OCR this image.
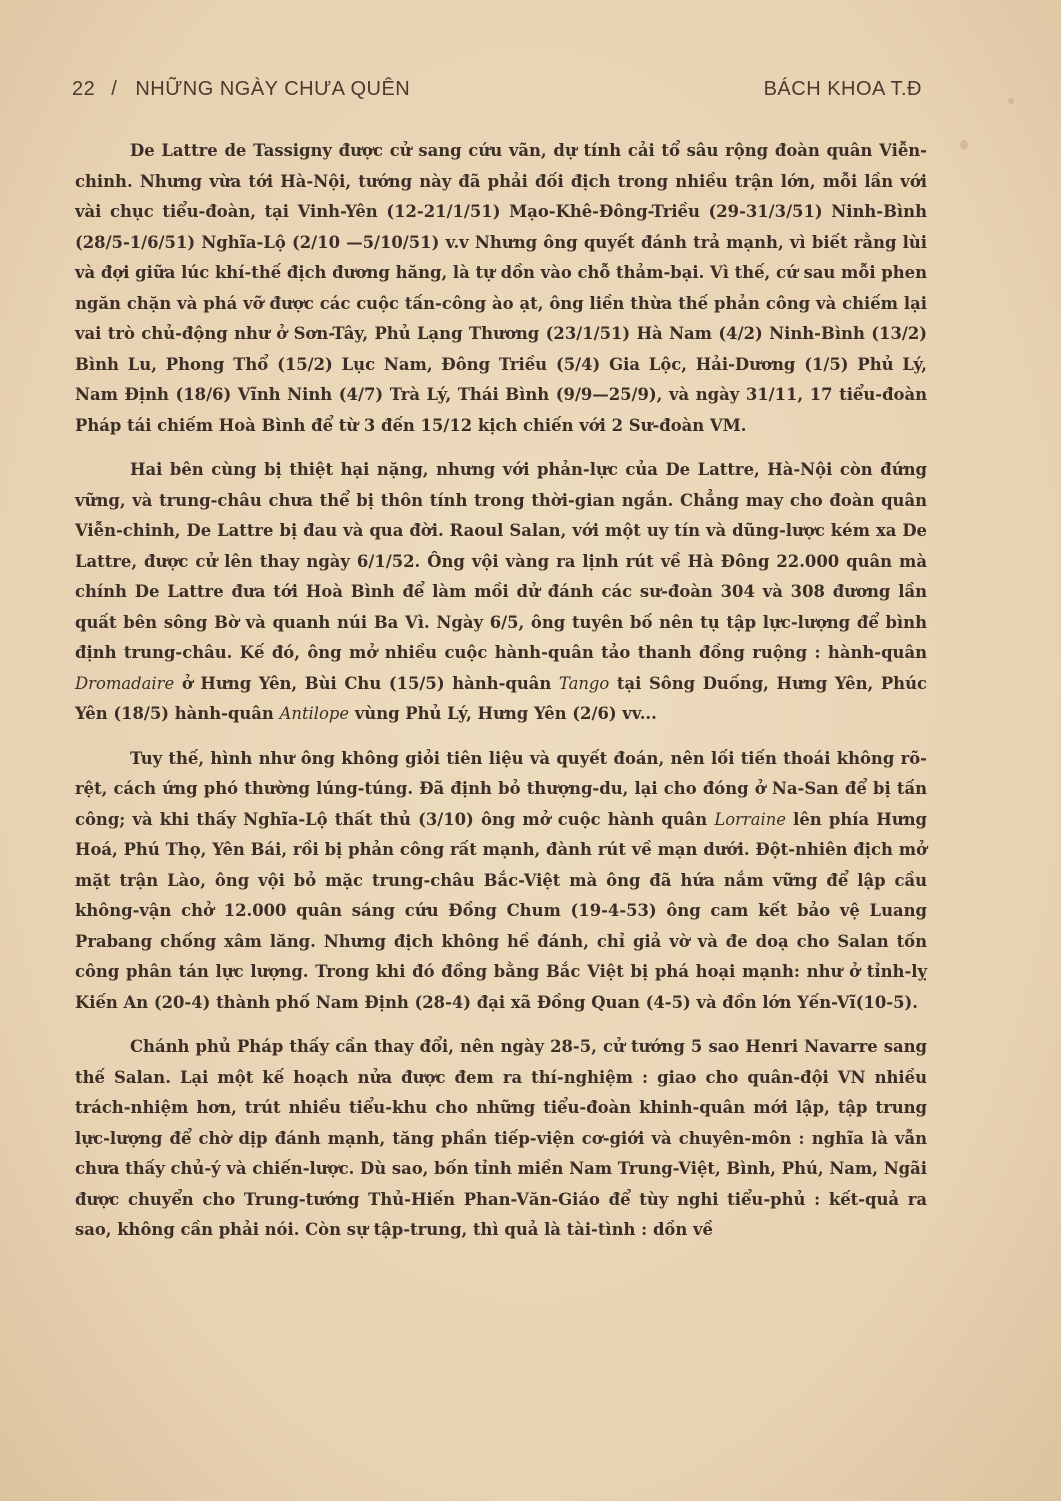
22 / NHỮNG NGÀY CHƯA QUÊN	BÁCH KHOA T.Đ

De Lattre de Tassigny được cử sang cứu vãn, dự tính cải tổ sâu rộng đoàn quân Viễn-chinh. Nhưng vừa tới Hà-Nội, tướng này đã phải đối địch trong nhiều trận lớn, mỗi lần với vài chục tiểu-đoàn, tại Vinh-Yên (12-21/1/51) Mạo-Khê-Đông-Triều (29-31/3/51) Ninh-Bình (28/5-1/6/51) Nghĩa-Lộ (2/10 —5/10/51) v.v Nhưng ông quyết đánh trả mạnh, vì biết rằng lùi và đợi giữa lúc khí-thế địch đương hăng, là tự dồn vào chỗ thảm-bại. Vì thế, cứ sau mỗi phen ngăn chặn và phá vỡ được các cuộc tấn-công ào ạt, ông liền thừa thế phản công và chiếm lại vai trò chủ-động như ở Sơn-Tây, Phủ Lạng Thương (23/1/51) Hà Nam (4/2) Ninh-Bình (13/2) Bình Lu, Phong Thổ (15/2) Lục Nam, Đông Triều (5/4) Gia Lộc, Hải-Dương (1/5) Phủ Lý, Nam Định (18/6) Vĩnh Ninh (4/7) Trà Lý, Thái Bình (9/9—25/9), và ngày 31/11, 17 tiểu-đoàn Pháp tái chiếm Hoà Bình để từ 3 đến 15/12 kịch chiến với 2 Sư-đoàn VM.

Hai bên cùng bị thiệt hại nặng, nhưng với phản-lực của De Lattre, Hà-Nội còn đứng vững, và trung-châu chưa thể bị thôn tính trong thời-gian ngắn. Chẳng may cho đoàn quân Viễn-chinh, De Lattre bị đau và qua đời. Raoul Salan, với một uy tín và dũng-lược kém xa De Lattre, được cử lên thay ngày 6/1/52. Ông vội vàng ra lịnh rút về Hà Đông 22.000 quân mà chính De Lattre đưa tới Hoà Bình để làm mồi dử đánh các sư-đoàn 304 và 308 đương lần quất bên sông Bờ và quanh núi Ba Vì. Ngày 6/5, ông tuyên bố nên tụ tập lực-lượng để bình định trung-châu. Kế đó, ông mở nhiều cuộc hành-quân tảo thanh đồng ruộng : hành-quân Dromadaire ở Hưng Yên, Bùi Chu (15/5) hành-quân Tango tại Sông Duống, Hưng Yên, Phúc Yên (18/5) hành-quân Antilope vùng Phủ Lý, Hưng Yên (2/6) vv...

Tuy thế, hình như ông không giỏi tiên liệu và quyết đoán, nên lối tiến thoái không rõ-rệt, cách ứng phó thường lúng-túng. Đã định bỏ thượng-du, lại cho đóng ở Na-San để bị tấn công; và khi thấy Nghĩa-Lộ thất thủ (3/10) ông mở cuộc hành quân Lorraine lên phía Hưng Hoá, Phú Thọ, Yên Bái, rồi bị phản công rất mạnh, đành rút về mạn dưới. Đột-nhiên địch mở mặt trận Lào, ông vội bỏ mặc trung-châu Bắc-Việt mà ông đã hứa nắm vững để lập cầu không-vận chở 12.000 quân sáng cứu Đồng Chum (19-4-53) ông cam kết bảo vệ Luang Prabang chống xâm lăng. Nhưng địch không hề đánh, chỉ giả vờ và đe doạ cho Salan tốn công phân tán lực lượng. Trong khi đó đồng bằng Bắc Việt bị phá hoại mạnh: như ở tỉnh-lỵ Kiến An (20-4) thành phố Nam Định (28-4) đại xã Đồng Quan (4-5) và đồn lớn Yến-Vĩ(10-5).

Chánh phủ Pháp thấy cần thay đổi, nên ngày 28-5, cử tướng 5 sao Henri Navarre sang thế Salan. Lại một kế hoạch nửa được đem ra thí-nghiệm : giao cho quân-đội VN nhiều trách-nhiệm hơn, trút nhiều tiểu-khu cho những tiểu-đoàn khinh-quân mới lập, tập trung lực-lượng để chờ dịp đánh mạnh, tăng phần tiếp-viện cơ-giới và chuyên-môn : nghĩa là vẫn chưa thấy chủ-ý và chiến-lược. Dù sao, bốn tỉnh miền Nam Trung-Việt, Bình, Phú, Nam, Ngãi được chuyển cho Trung-tướng Thủ-Hiến Phan-Văn-Giáo để tùy nghi tiểu-phủ : kết-quả ra sao, không cần phải nói. Còn sự tập-trung, thì quả là tài-tình : dồn về
